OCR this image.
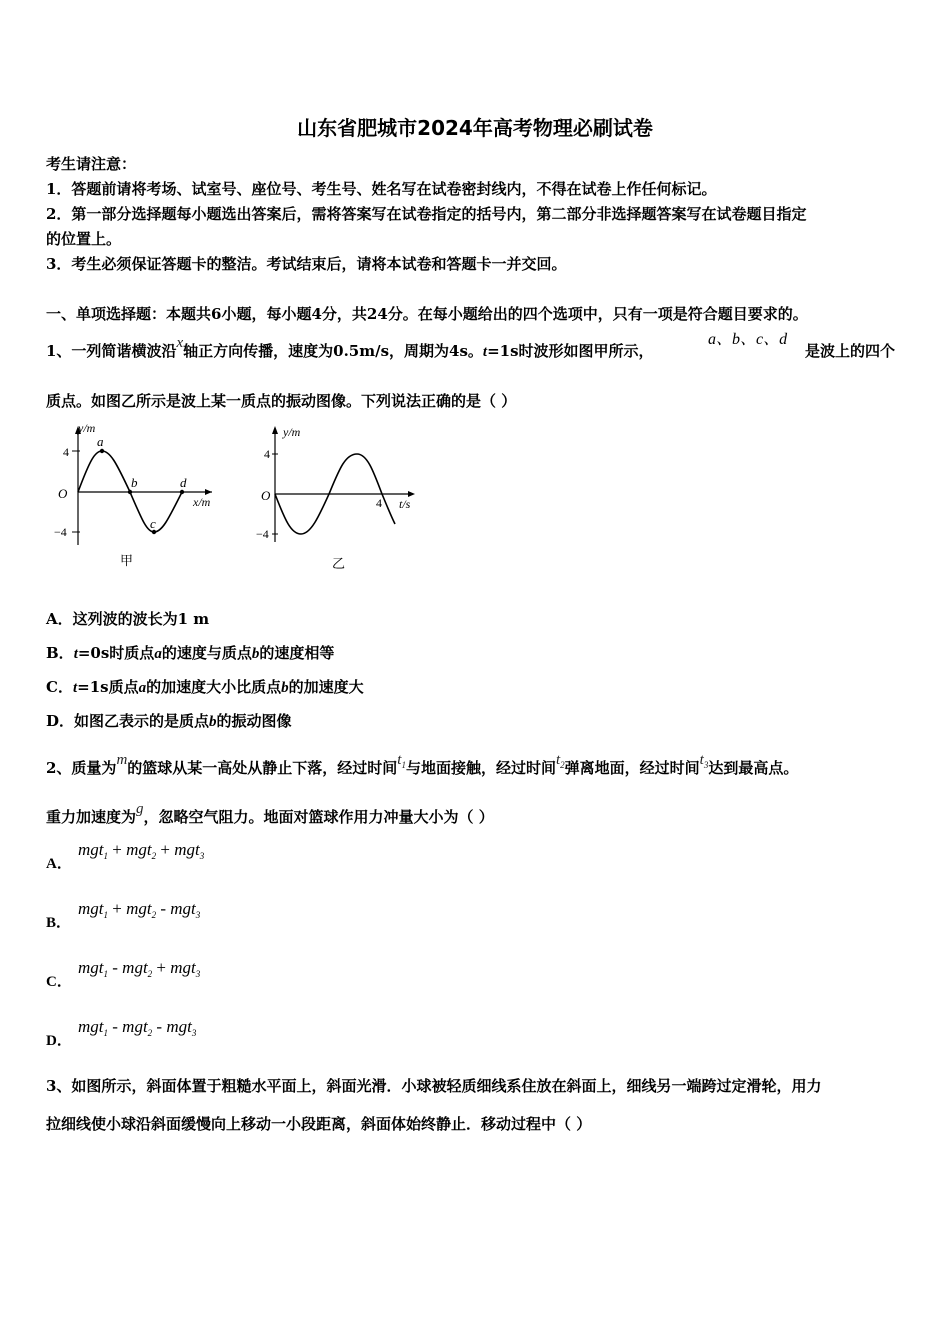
山东省肥城市2024年高考物理必刷试卷
考生请注意：
1．答题前请将考场、试室号、座位号、考生号、姓名写在试卷密封线内，不得在试卷上作任何标记。
2．第一部分选择题每小题选出答案后，需将答案写在试卷指定的括号内，第二部分非选择题答案写在试卷题目指定
的位置上。
3．考生必须保证答题卡的整洁。考试结束后，请将本试卷和答题卡一并交回。
一、单项选择题：本题共6小题，每小题4分，共24分。在每小题给出的四个选项中，只有一项是符合题目要求的。
1、一列简谐横波沿x轴正方向传播，速度为0.5m/s，周期为4s。t=1s时波形如图甲所示，
a、b、c、d
是波上的四个
质点。如图乙所示是波上某一质点的振动图像。下列说法正确的是（ ）
y/m
x/m
O
4
−4
a
b
c
d
甲
y/m
t/s
O
4
−4
4
乙
A．这列波的波长为1 m
B．t=0s时质点a的速度与质点b的速度相等
C．t=1s质点a的加速度大小比质点b的加速度大
D．如图乙表示的是质点b的振动图像
2、质量为m的篮球从某一高处从静止下落，经过时间$t_1$与地面接触，经过时间$t_2$弹离地面，经过时间$t_3$达到最高点。
重力加速度为g，忽略空气阻力。地面对篮球作用力冲量大小为（ ）
A．
mgt$_1$ + mgt$_2$ + mgt$_3$
B．
mgt$_1$ + mgt$_2$ - mgt$_3$
C．
mgt$_1$ - mgt$_2$ + mgt$_3$
D．
mgt$_1$ - mgt$_2$ - mgt$_3$
3、如图所示，斜面体置于粗糙水平面上，斜面光滑．小球被轻质细线系住放在斜面上，细线另一端跨过定滑轮，用力
拉细线使小球沿斜面缓慢向上移动一小段距离，斜面体始终静止．移动过程中（ ）
